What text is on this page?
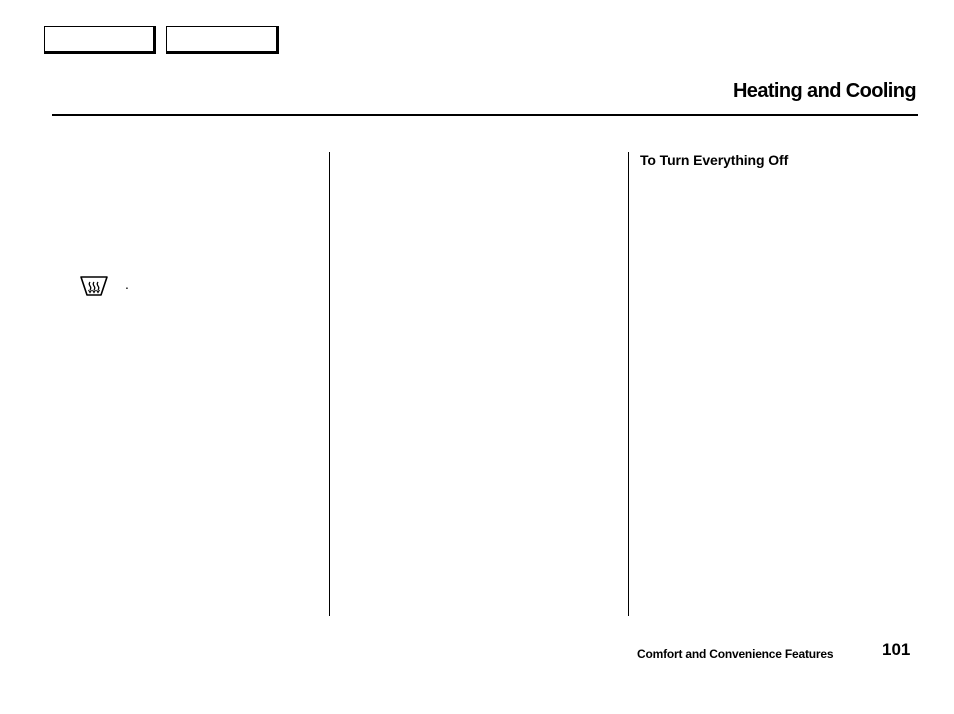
Heating and Cooling
To Turn Everything Off
.
Comfort and Convenience Features	101
